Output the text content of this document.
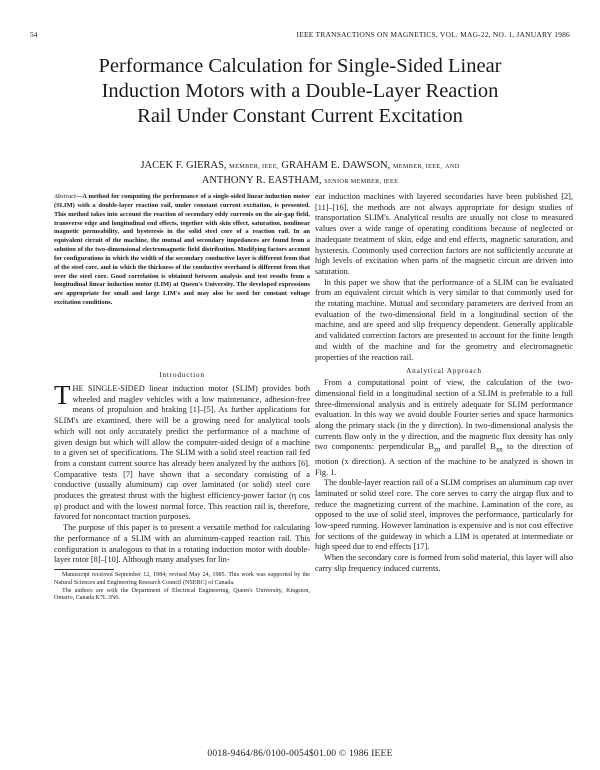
54	IEEE TRANSACTIONS ON MAGNETICS, VOL. MAG-22, NO. 1, JANUARY 1986
Performance Calculation for Single-Sided Linear
Induction Motors with a Double-Layer Reaction
Rail Under Constant Current Excitation
JACEK F. GIERAS, MEMBER, IEEE, GRAHAM E. DAWSON, MEMBER, IEEE, AND
ANTHONY R. EASTHAM, SENIOR MEMBER, IEEE
Abstract—A method for computing the performance of a single-sided linear induction motor (SLIM) with a double-layer reaction rail, under constant current excitation, is presented. This method takes into account the reaction of secondary eddy currents on the air-gap field, transverse edge and longitudinal end effects, together with skin effect, saturation, nonlinear magnetic permeability, and hysteresis in the solid steel core of a reaction rail. In an equivalent circuit of the machine, the mutual and secondary impedances are found from a solution of the two-dimensional electromagnetic field distribution. Modifying factors account for configurations in which the width of the secondary conductive layer is different from that of the steel core, and in which the thickness of the conductive overhand is different from that over the steel core. Good correlation is obtained between analysis and test results from a longitudinal linear induction motor (LIM) at Queen's University. The developed expressions are appropriate for small and large LIM's and may also be used for constant voltage excitation conditions.

Introduction

T HE SINGLE-SIDED linear induction motor (SLIM) provides both wheeled and maglev vehicles with a low maintenance, adhesion-free means of propulsion and braking [1]–[5]. As further applications for SLIM's are examined, there will be a growing need for analytical tools which will not only accurately predict the performance of a machine of given design but which will allow the computer-aided design of a machine to a given set of specifications. The SLIM with a solid steel reaction rail fed from a constant current source has already been analyzed by the authors [6]. Comparative tests [7] have shown that a secondary consisting of a conductive (usually aluminum) cap over laminated (or solid) steel core produces the greatest thrust with the highest efficiency-power factor (η cos φ) product and with the lowest normal force. This reaction rail is, therefore, favored for noncontact traction purposes.

The purpose of this paper is to present a versatile method for calculating the performance of a SLIM with an aluminum-capped reaction rail. This configuration is analogous to that in a rotating induction motor with double-layer rotor [8]–[10]. Although many analyses for lin-

Manuscript received September 12, 1984; revised May 24, 1985. This work was supported by the Natural Sciences and Engineering Research Council (NSERC) of Canada.

The authors are with the Department of Electrical Engineering, Queen's University, Kingston, Ontario, Canada K7L 3N6.

ear induction machines with layered secondaries have been published [2], [11]–[16], the methods are not always appropriate for design studies of transportation SLIM's. Analytical results are usually not close to measured values over a wide range of operating conditions because of neglected or inadequate treatment of skin, edge and end effects, magnetic saturation, and hysteresis. Commonly used correction factors are not sufficiently accurate at high levels of excitation when parts of the magnetic circuit are driven into saturation.

In this paper we show that the performance of a SLIM can be evaluated from an equivalent circuit which is very similar to that commonly used for the rotating machine. Mutual and secondary parameters are derived from an evaluation of the two-dimensional field in a longitudinal section of the machine, and are speed and slip frequency dependent. Generally applicable and validated correction factors are presented to account for the finite length and width of the machine and for the geometry and electromagnetic properties of the reaction rail.

Analytical Approach

From a computational point of view, the calculation of the two-dimensional field in a longitudinal section of a SLIM is preferable to a full three-dimensional analysis and is entirely adequate for SLIM performance evaluation. In this way we avoid double Fourier series and space harmonics along the primary stack (in the y direction). In two-dimensional analysis the currents flow only in the y direction, and the magnetic flux density has only two components: perpendicular $B_{zn}$ and parallel $B_{xn}$ to the direction of motion (x direction). A section of the machine to be analyzed is shown in Fig. 1.

The double-layer reaction rail of a SLIM comprises an aluminum cap over laminated or solid steel core. The core serves to carry the airgap flux and to reduce the magnetizing current of the machine. Lamination of the core, as opposed to the use of solid steel, improves the performance, particularly for low-speed running. However lamination is expensive and is not cost effective for sections of the guideway in which a LIM is operated at intermediate or high speed due to end effects [17].

When the secondary core is formed from solid material, this layer will also carry slip frequency induced currents.

0018-9464/86/0100-0054$01.00 © 1986 IEEE
